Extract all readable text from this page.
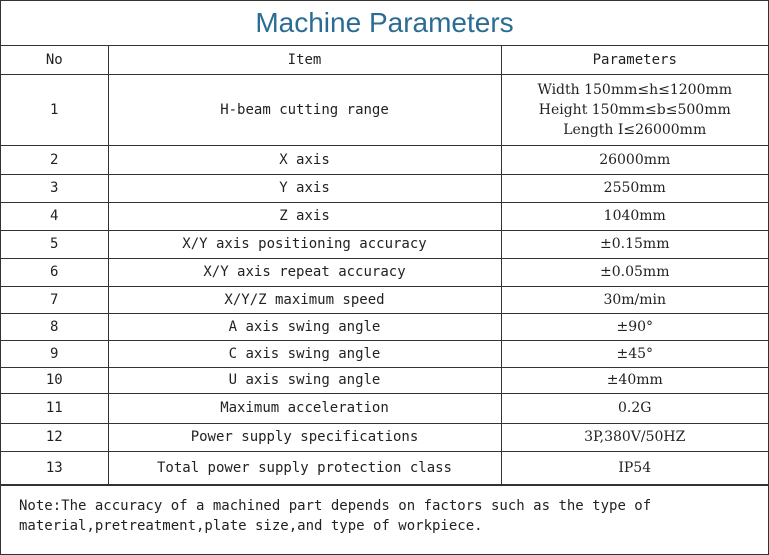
Machine Parameters
No	Item	Parameters
1	H-beam cutting range	Width 150mm≤h≤1200mm
Height 150mm≤b≤500mm
Length I≤26000mm

2	X axis	26000mm
3	Y axis	2550mm
4	Z axis	1040mm
5	X/Y axis positioning accuracy	±0.15mm
6	X/Y axis repeat accuracy	±0.05mm
7	X/Y/Z maximum speed	30m/min
8	A axis swing angle	±90°
9	C axis swing angle	±45°
10	U axis swing angle	±40mm
11	Maximum acceleration	0.2G
12	Power supply specifications	3P,380V/50HZ
13	Total power supply protection class	IP54
Note:The accuracy of a machined part depends on factors such as the type of material,pretreatment,plate size,and type of workpiece.
